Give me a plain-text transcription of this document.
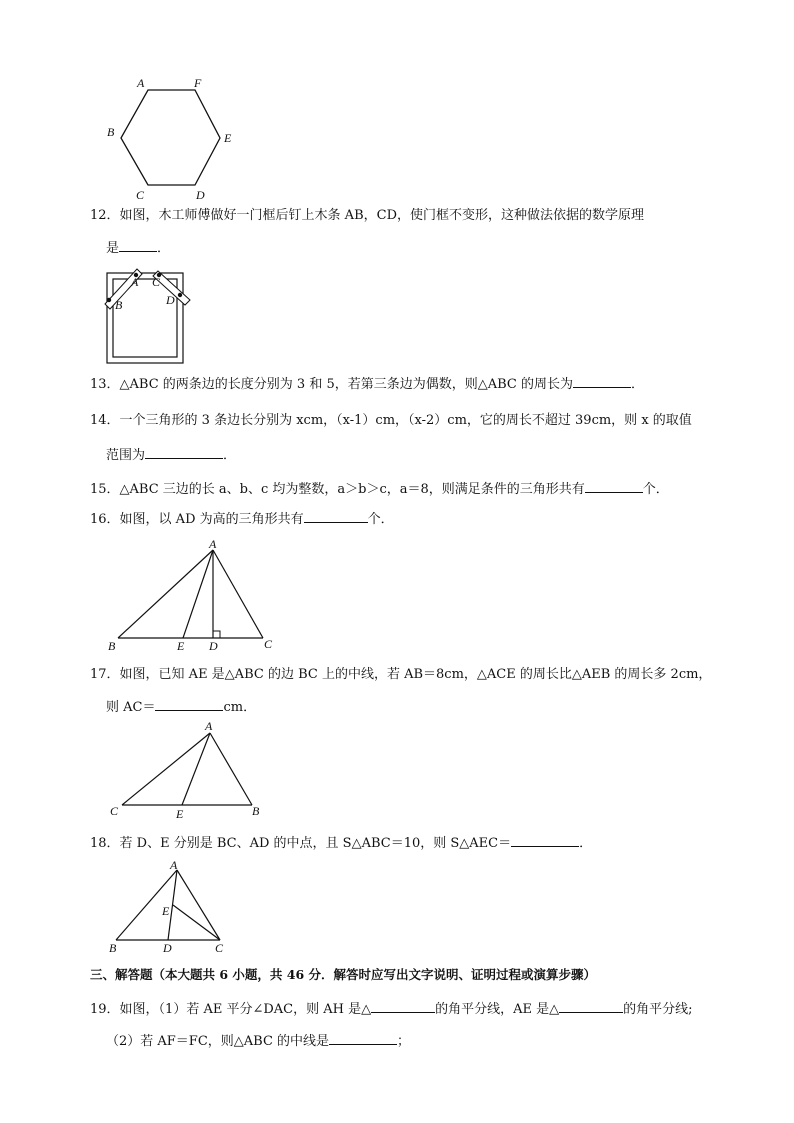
A	F
B	E
C	D
12．如图，木工师傅做好一门框后钉上木条 AB，CD，使门框不变形，这种做法依据的数学原理
是	．
A C
B	D
13．△ABC 的两条边的长度分别为 3 和 5，若第三条边为偶数，则△ABC 的周长为	．
14．一个三角形的 3 条边长分别为 xcm，（x-1）cm，（x-2）cm，它的周长不超过 39cm，则 x 的取值
范围为	．
15．△ABC 三边的长 a、b、c 均为整数，a＞b＞c，a＝8，则满足条件的三角形共有	个．
16．如图，以 AD 为高的三角形共有	个．
A
B	E D	C
17．如图，已知 AE 是△ABC 的边 BC 上的中线，若 AB＝8cm，△ACE 的周长比△AEB 的周长多 2cm，
则 AC＝	cm．
A
C	E	B
18．若 D、E 分别是 BC、AD 的中点，且 S△ABC＝10，则 S△AEC＝	．
A
E
B	D	C
三、解答题（本大题共 6 小题，共 46 分．解答时应写出文字说明、证明过程或演算步骤）
19．如图，（1）若 AE 平分∠DAC，则 AH 是△	的角平分线，AE 是△	的角平分线;
（2）若 AF＝FC，则△ABC 的中线是	；
